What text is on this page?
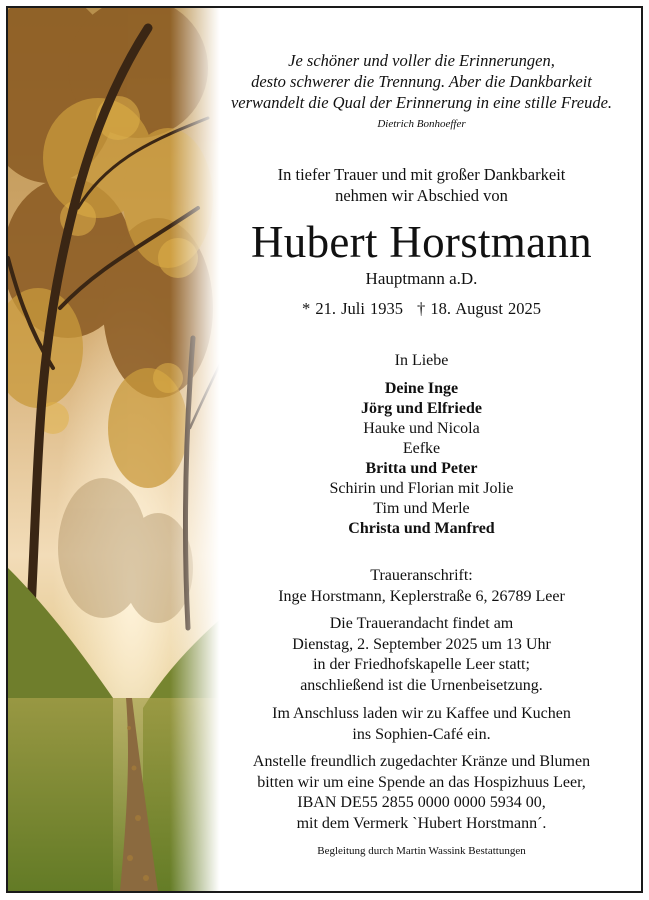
Je schöner und voller die Erinnerungen,
desto schwerer die Trennung. Aber die Dankbarkeit
verwandelt die Qual der Erinnerung in eine stille Freude.
Dietrich Bonhoeffer
In tiefer Trauer und mit großer Dankbarkeit
nehmen wir Abschied von
Hubert Horstmann
Hauptmann a.D.
* 21. Juli 1935 † 18. August 2025
In Liebe
Deine Inge
Jörg und Elfriede
Hauke und Nicola
Eefke
Britta und Peter
Schirin und Florian mit Jolie
Tim und Merle
Christa und Manfred
Traueranschrift:
Inge Horstmann, Keplerstraße 6, 26789 Leer
Die Trauerandacht findet am
Dienstag, 2. September 2025 um 13 Uhr
in der Friedhofskapelle Leer statt;
anschließend ist die Urnenbeisetzung.
Im Anschluss laden wir zu Kaffee und Kuchen
ins Sophien-Café ein.
Anstelle freundlich zugedachter Kränze und Blumen
bitten wir um eine Spende an das Hospizhuus Leer,
IBAN DE55 2855 0000 0000 5934 00,
mit dem Vermerk `Hubert Horstmann´.
Begleitung durch Martin Wassink Bestattungen
